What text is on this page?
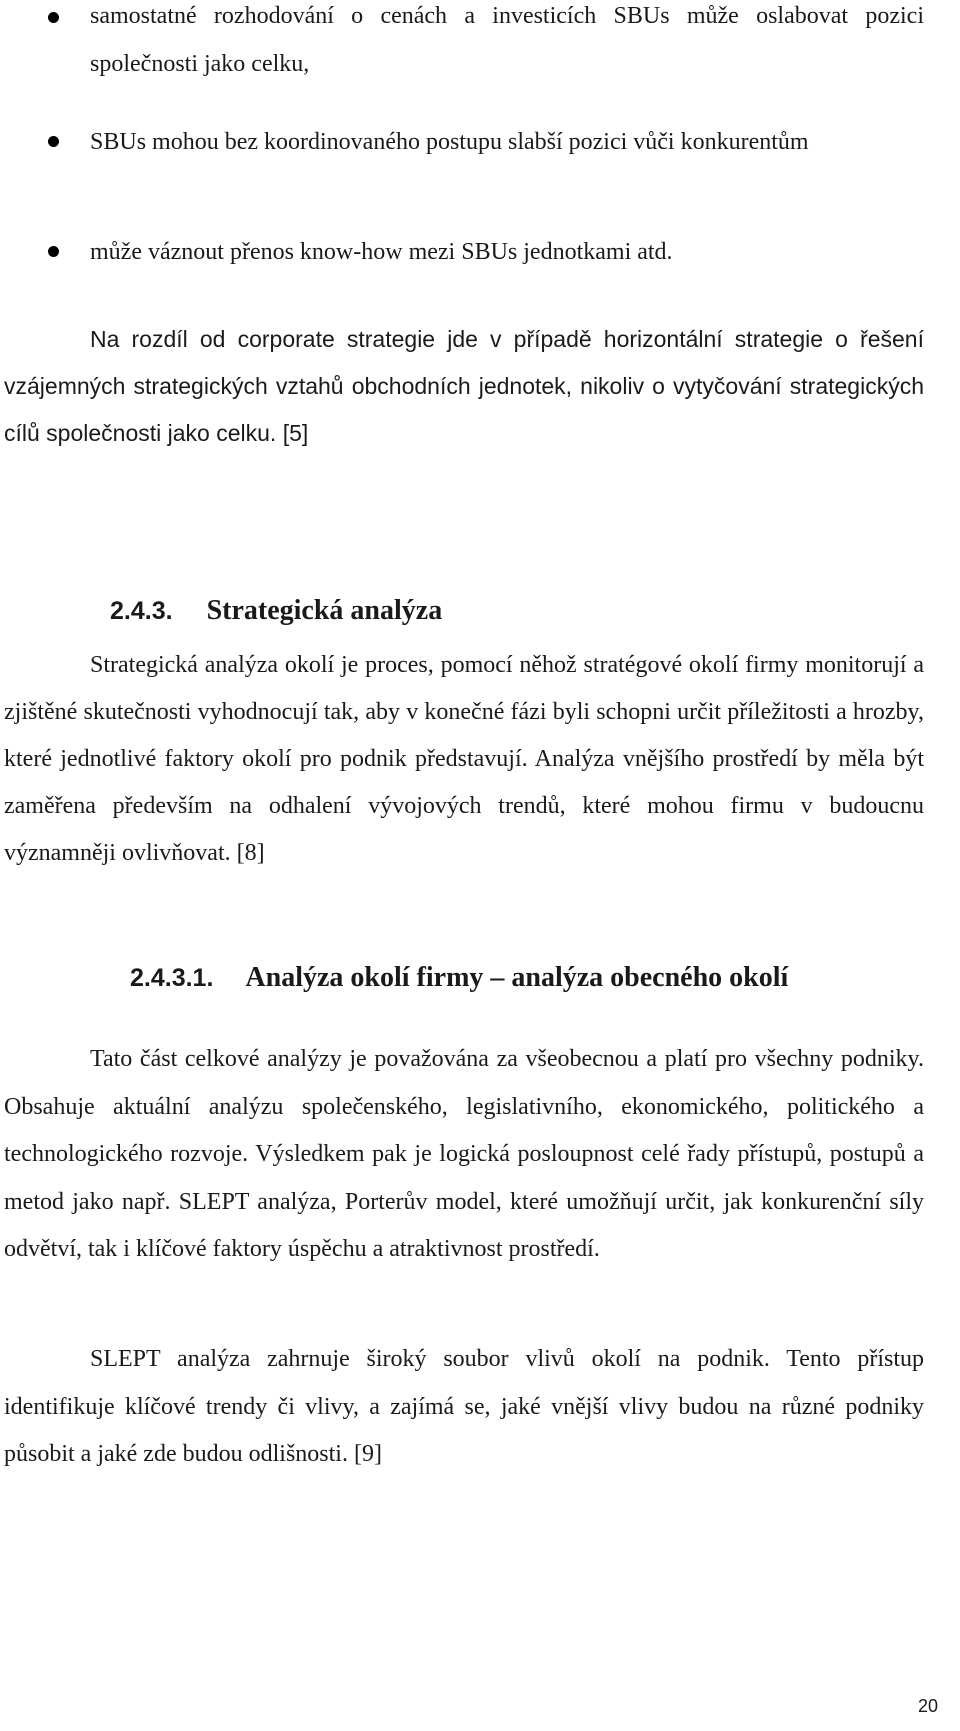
samostatné rozhodování o cenách a investicích SBUs může oslabovat pozici společnosti jako celku,
SBUs mohou bez koordinovaného postupu slabší pozici vůči konkurentům
může váznout přenos know-how mezi SBUs jednotkami atd.

Na rozdíl od corporate strategie jde v případě horizontální strategie o řešení vzájemných strategických vztahů obchodních jednotek, nikoliv o vytyčování strategických cílů společnosti jako celku. [5]

2.4.3. Strategická analýza

Strategická analýza okolí je proces, pomocí něhož stratégové okolí firmy monitorují a zjištěné skutečnosti vyhodnocují tak, aby v konečné fázi byli schopni určit příležitosti a hrozby, které jednotlivé faktory okolí pro podnik představují. Analýza vnějšího prostředí by měla být zaměřena především na odhalení vývojových trendů, které mohou firmu v budoucnu významněji ovlivňovat. [8]

2.4.3.1. Analýza okolí firmy – analýza obecného okolí

Tato část celkové analýzy je považována za všeobecnou a platí pro všechny podniky. Obsahuje aktuální analýzu společenského, legislativního, ekonomického, politického a technologického rozvoje. Výsledkem pak je logická posloupnost celé řady přístupů, postupů a metod jako např. SLEPT analýza, Porterův model, které umožňují určit, jak konkurenční síly odvětví, tak i klíčové faktory úspěchu a atraktivnost prostředí.

SLEPT analýza zahrnuje široký soubor vlivů okolí na podnik. Tento přístup identifikuje klíčové trendy či vlivy, a zajímá se, jaké vnější vlivy budou na různé podniky působit a jaké zde budou odlišnosti. [9]

20
